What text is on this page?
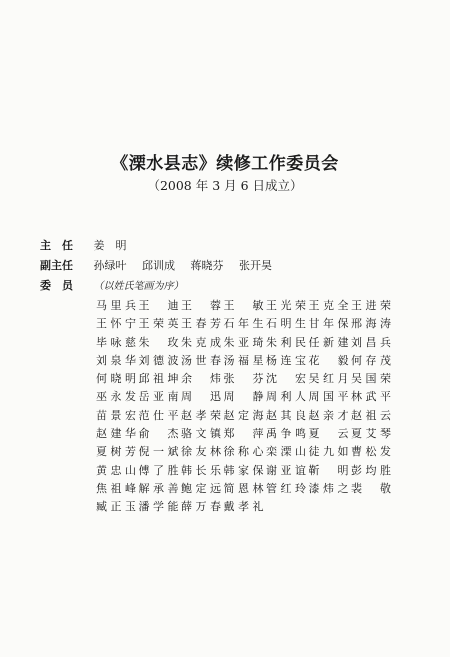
《溧水县志》续修工作委员会
（2008 年 3 月 6 日成立）
主　任 姜　明
副主任 孙绿叶 邱训成 蒋晓芬 张开昊
委　员 （以姓氏笔画为序）
马里兵 王　迪 王　蓉 王　敏 王光荣 王克全 王进荣
王怀宁 王荣英 王春芳 石年生 石明生 甘年保 邢海涛
毕咏慈 朱　玫 朱克成 朱亚琦 朱利民 任新建 刘昌兵
刘泉华 刘德波 汤世春 汤福星 杨连宝 花　毅 何存茂
何晓明 邱祖坤 余　炜 张　芬 沈　宏 吴红月 吴国荣
巫永发 岳亚南 周　迅 周　静 周利人 周国平 林武平
苗景宏 范仕平 赵孝荣 赵定海 赵其良 赵亲才 赵祖云
赵建华 俞　杰 骆文镇 郑　萍 禹争鸣 夏　云 夏艾琴
夏树芳 倪一斌 徐友林 徐称心 栾溧山 徒九如 曹松发
黄忠山 傅了胜 韩长乐 韩家保 谢亚谊 靳　明 彭均胜
焦祖峰 解承善 鲍定远 简恩林 管红玲 漆炜之 裴　敬
臧正玉 潘学能 薛万春 戴孝礼
